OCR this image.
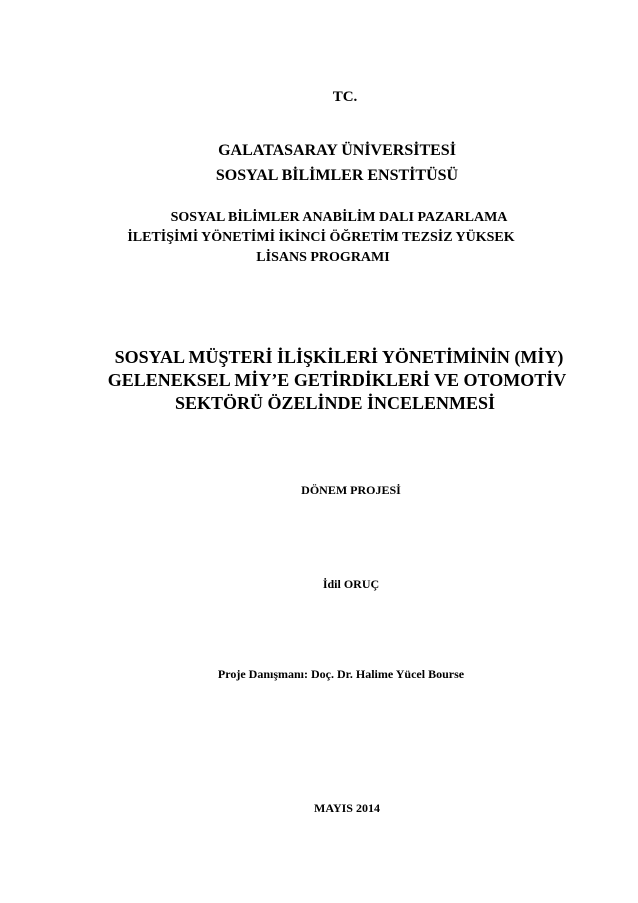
TC.
GALATASARAY ÜNİVERSİTESİ
SOSYAL BİLİMLER ENSTİTÜSÜ
SOSYAL BİLİMLER ANABİLİM DALI PAZARLAMA
İLETİŞİMİ YÖNETİMİ İKİNCİ ÖĞRETİM TEZSİZ YÜKSEK
LİSANS PROGRAMI
SOSYAL MÜŞTERİ İLİŞKİLERİ YÖNETİMİNİN (MİY)
GELENEKSEL MİY’E GETİRDİKLERİ VE OTOMOTİV
SEKTÖRÜ ÖZELİNDE İNCELENMESİ
DÖNEM PROJESİ
İdil ORUÇ
Proje Danışmanı: Doç. Dr. Halime Yücel Bourse
MAYIS 2014
